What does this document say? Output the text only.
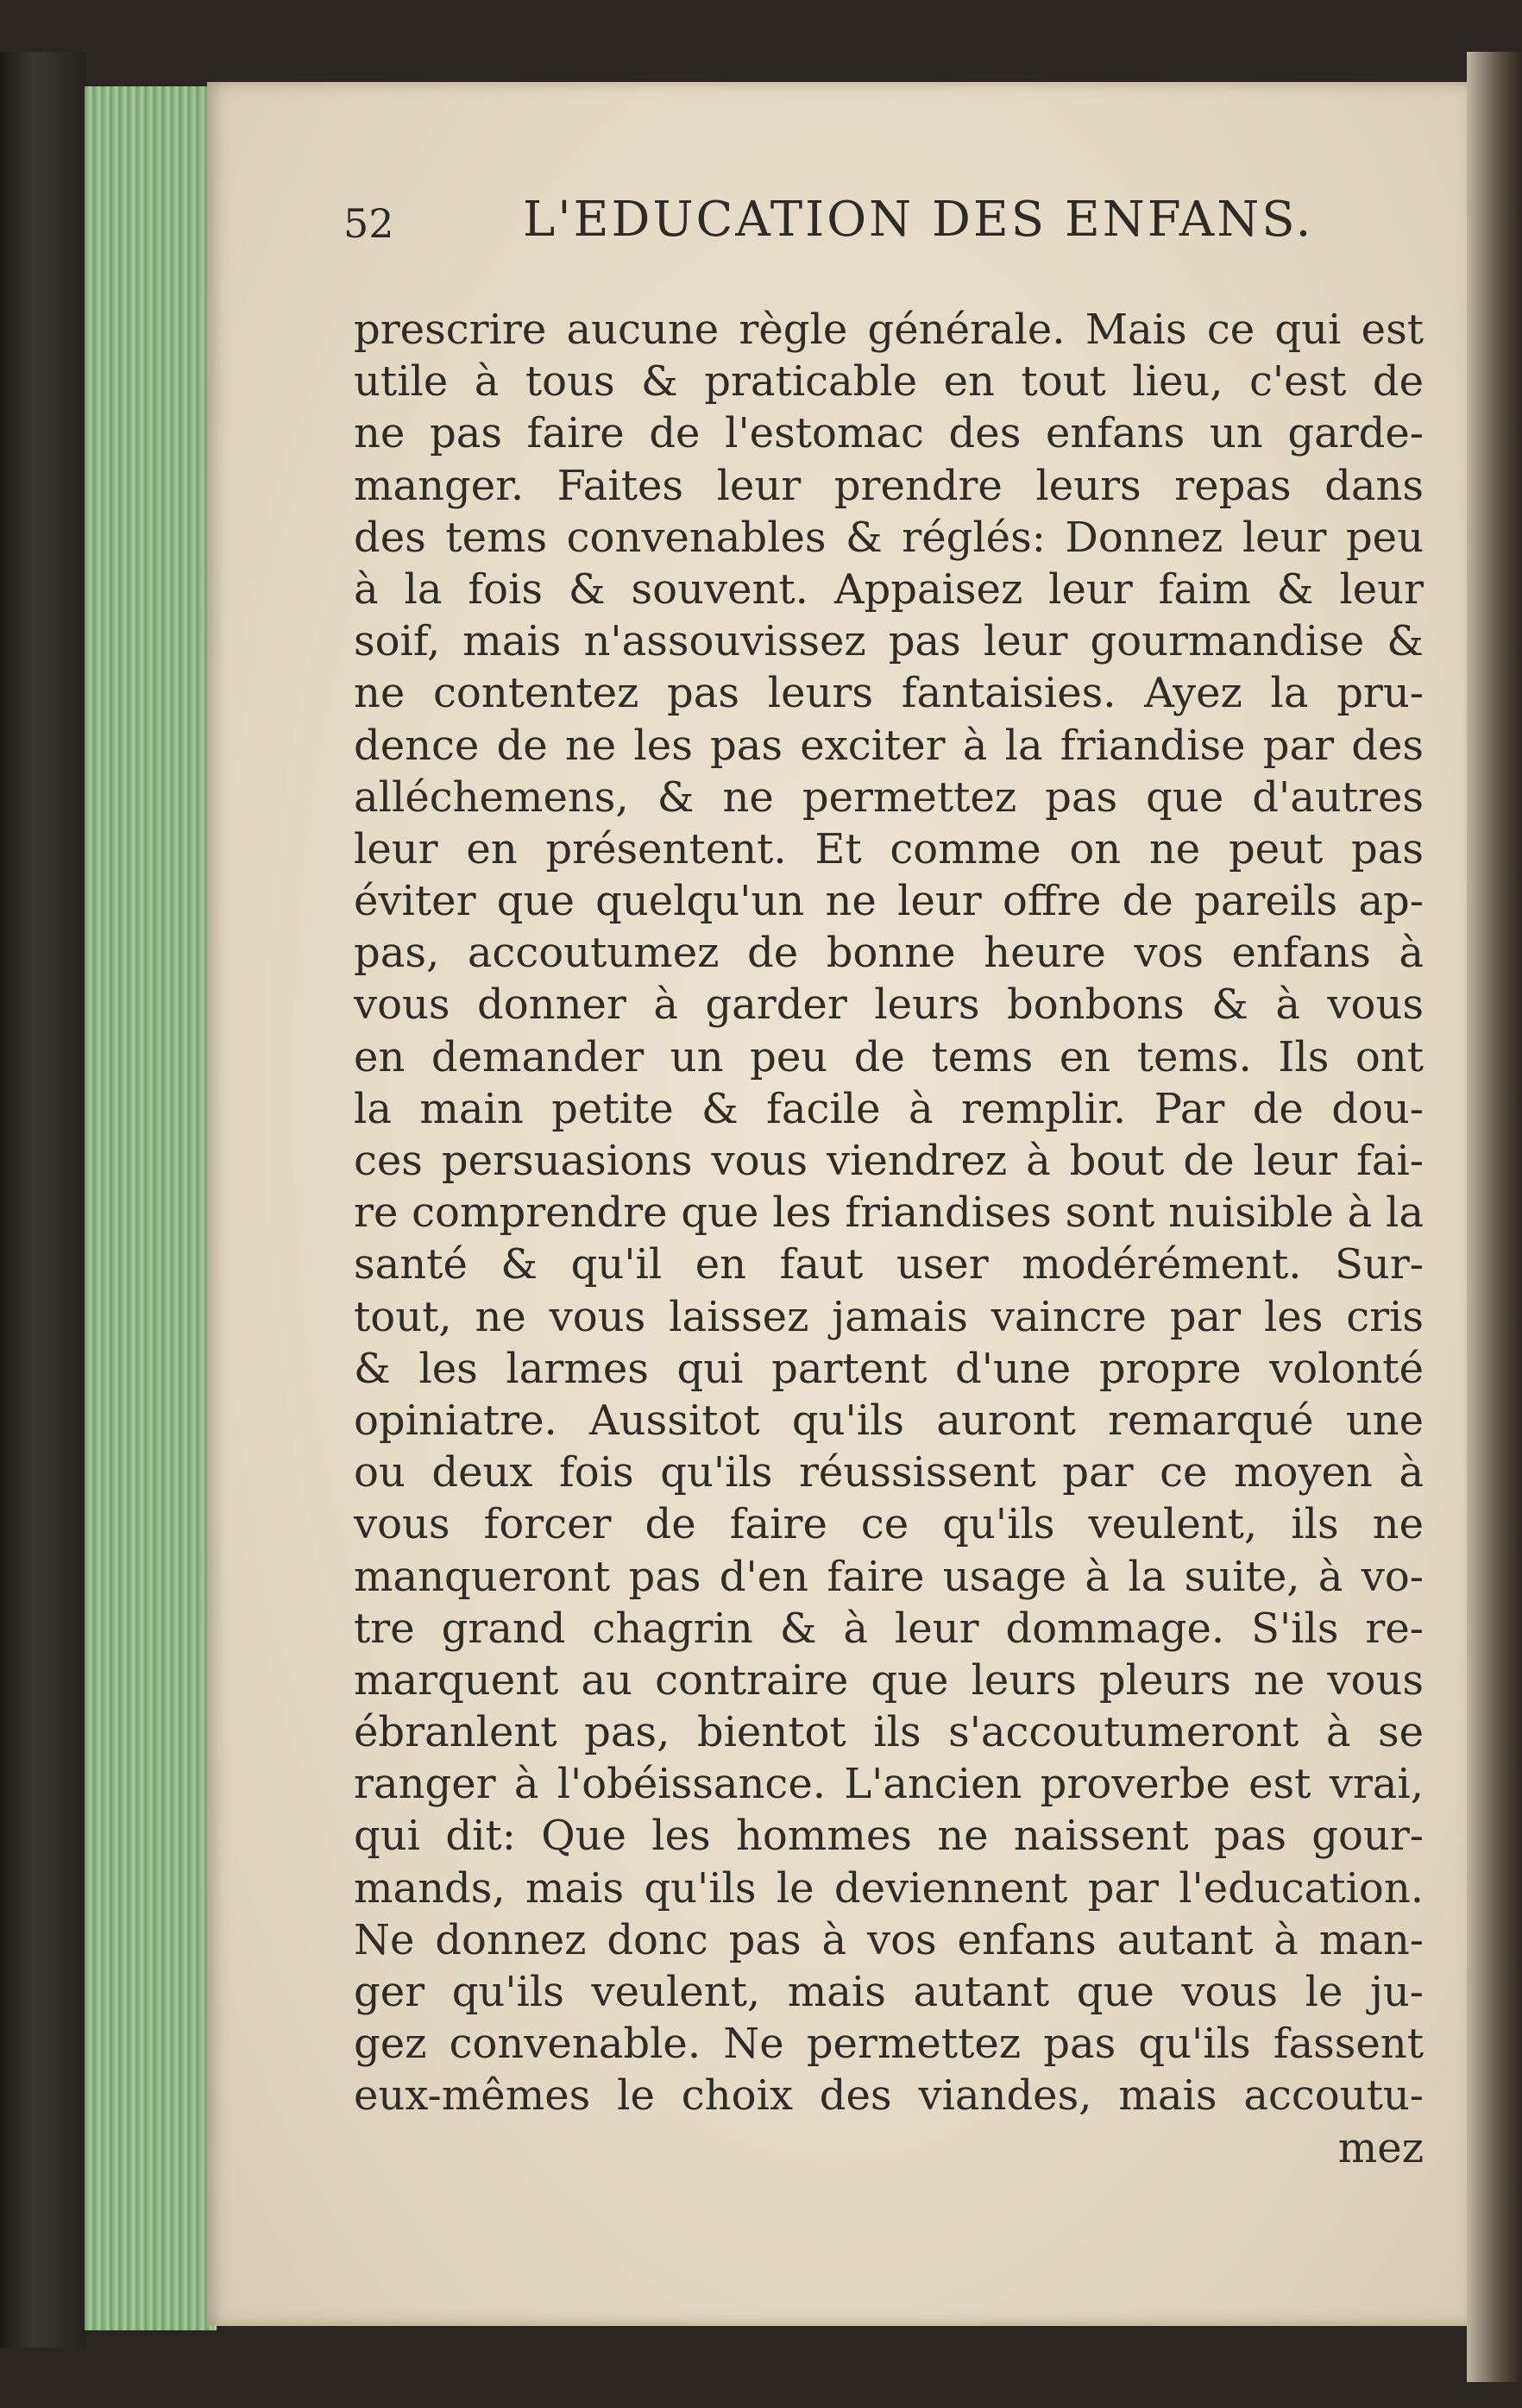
52	L'EDUCATION DES ENFANS.
prescrire aucune règle générale. Mais ce qui est
utile à tous & praticable en tout lieu, c'est de
ne pas faire de l'estomac des enfans un garde-
manger. Faites leur prendre leurs repas dans
des tems convenables & réglés: Donnez leur peu
à la fois & souvent. Appaisez leur faim & leur
soif, mais n'assouvissez pas leur gourmandise &
ne contentez pas leurs fantaisies. Ayez la pru-
dence de ne les pas exciter à la friandise par des
alléchemens, & ne permettez pas que d'autres
leur en présentent. Et comme on ne peut pas
éviter que quelqu'un ne leur offre de pareils ap-
pas, accoutumez de bonne heure vos enfans à
vous donner à garder leurs bonbons & à vous
en demander un peu de tems en tems. Ils ont
la main petite & facile à remplir. Par de dou-
ces persuasions vous viendrez à bout de leur fai-
re comprendre que les friandises sont nuisible à la
santé & qu'il en faut user modérément. Sur-
tout, ne vous laissez jamais vaincre par les cris
& les larmes qui partent d'une propre volonté
opiniatre. Aussitot qu'ils auront remarqué une
ou deux fois qu'ils réussissent par ce moyen à
vous forcer de faire ce qu'ils veulent, ils ne
manqueront pas d'en faire usage à la suite, à vo-
tre grand chagrin & à leur dommage. S'ils re-
marquent au contraire que leurs pleurs ne vous
ébranlent pas, bientot ils s'accoutumeront à se
ranger à l'obéissance. L'ancien proverbe est vrai,
qui dit: Que les hommes ne naissent pas gour-
mands, mais qu'ils le deviennent par l'education.
Ne donnez donc pas à vos enfans autant à man-
ger qu'ils veulent, mais autant que vous le ju-
gez convenable. Ne permettez pas qu'ils fassent
eux-mêmes le choix des viandes, mais accoutu-
mez
